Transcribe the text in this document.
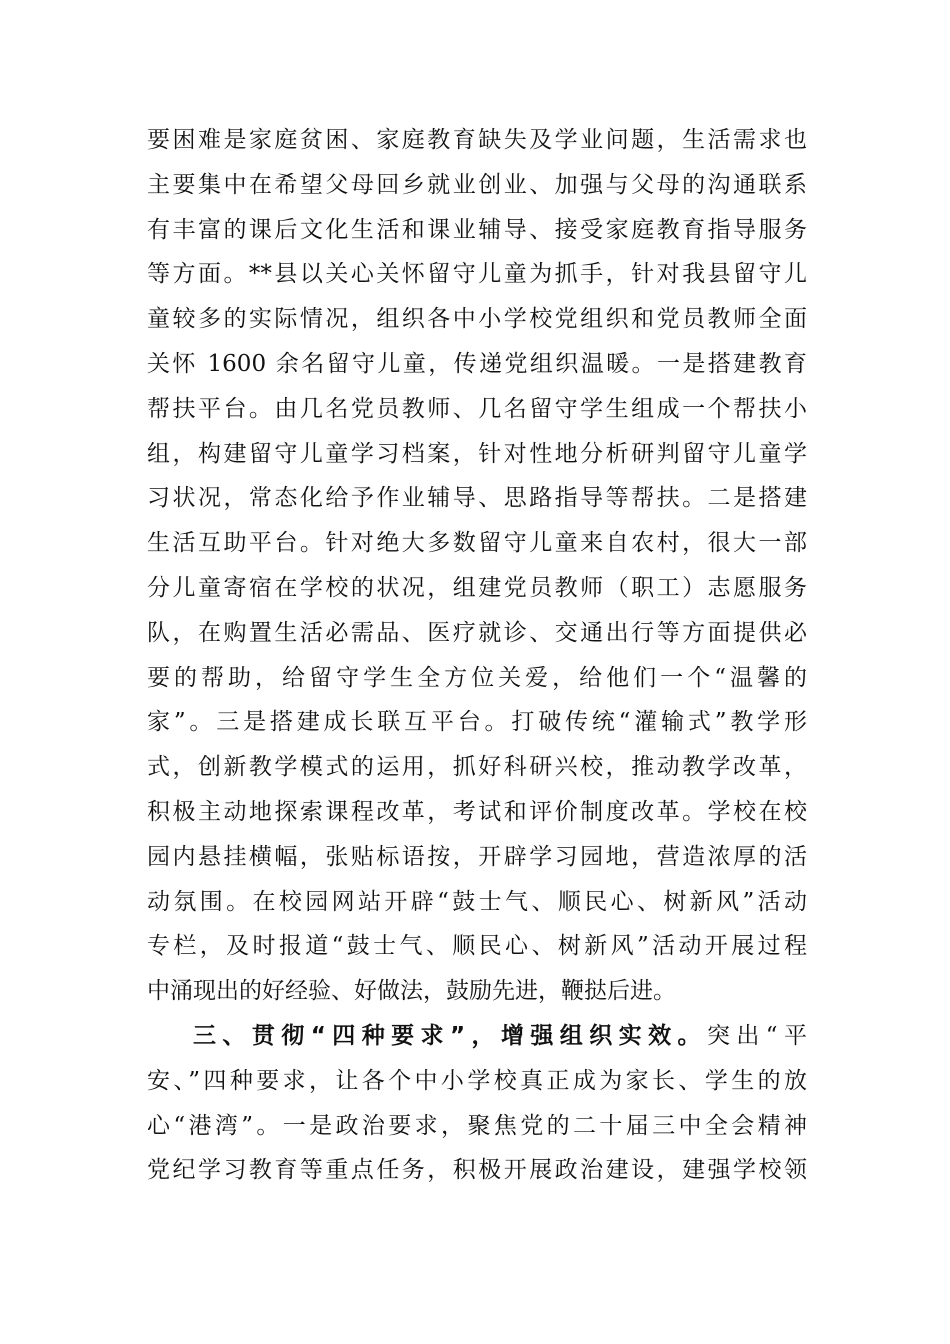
要困难是家庭贫困、家庭教育缺失及学业问题，生活需求也
主要集中在希望父母回乡就业创业、加强与父母的沟通联系
有丰富的课后文化生活和课业辅导、接受家庭教育指导服务
等方面。**县以关心关怀留守儿童为抓手，针对我县留守儿
童较多的实际情况，组织各中小学校党组织和党员教师全面
关怀 1600 余名留守儿童，传递党组织温暖。一是搭建教育
帮扶平台。由几名党员教师、几名留守学生组成一个帮扶小
组，构建留守儿童学习档案，针对性地分析研判留守儿童学
习状况，常态化给予作业辅导、思路指导等帮扶。二是搭建
生活互助平台。针对绝大多数留守儿童来自农村，很大一部
分儿童寄宿在学校的状况，组建党员教师（职工）志愿服务
队，在购置生活必需品、医疗就诊、交通出行等方面提供必
要的帮助，给留守学生全方位关爱，给他们一个“温馨的
家”。三是搭建成长联互平台。打破传统“灌输式”教学形
式，创新教学模式的运用，抓好科研兴校，推动教学改革，
积极主动地探索课程改革，考试和评价制度改革。学校在校
园内悬挂横幅，张贴标语按，开辟学习园地，营造浓厚的活
动氛围。在校园网站开辟“鼓士气、顺民心、树新风”活动
专栏，及时报道“鼓士气、顺民心、树新风”活动开展过程
中涌现出的好经验、好做法，鼓励先进，鞭挞后进。
三、贯彻“四种要求”，增强组织实效。突出“平
安、”四种要求，让各个中小学校真正成为家长、学生的放
心“港湾”。一是政治要求，聚焦党的二十届三中全会精神
党纪学习教育等重点任务，积极开展政治建设，建强学校领
